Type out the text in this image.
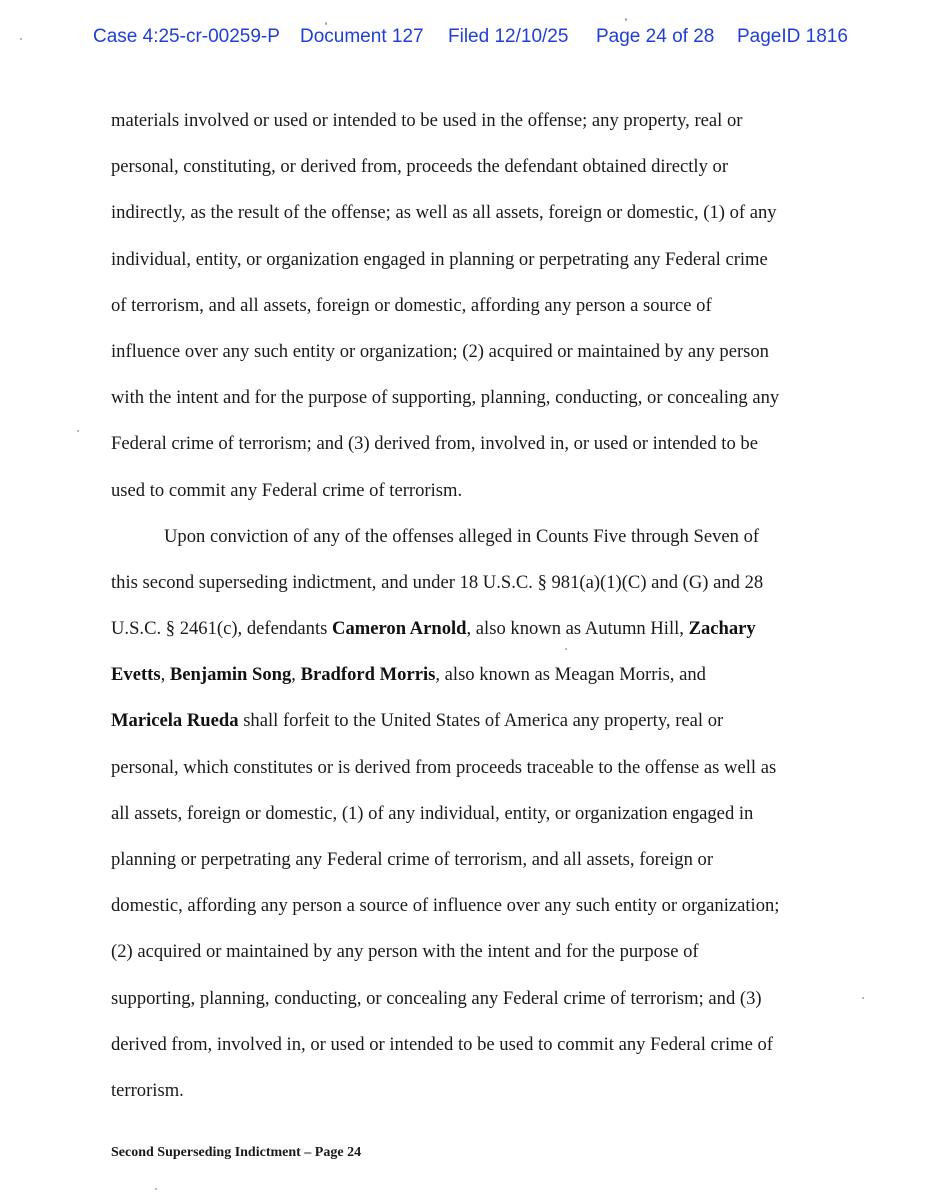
Case 4:25-cr-00259-P Document 127 Filed 12/10/25 Page 24 of 28 PageID 1816
materials involved or used or intended to be used in the offense; any property, real or
personal, constituting, or derived from, proceeds the defendant obtained directly or
indirectly, as the result of the offense; as well as all assets, foreign or domestic, (1) of any
individual, entity, or organization engaged in planning or perpetrating any Federal crime
of terrorism, and all assets, foreign or domestic, affording any person a source of
influence over any such entity or organization; (2) acquired or maintained by any person
with the intent and for the purpose of supporting, planning, conducting, or concealing any
Federal crime of terrorism; and (3) derived from, involved in, or used or intended to be
used to commit any Federal crime of terrorism.
Upon conviction of any of the offenses alleged in Counts Five through Seven of
this second superseding indictment, and under 18 U.S.C. § 981(a)(1)(C) and (G) and 28
U.S.C. § 2461(c), defendants Cameron Arnold, also known as Autumn Hill, Zachary
Evetts, Benjamin Song, Bradford Morris, also known as Meagan Morris, and
Maricela Rueda shall forfeit to the United States of America any property, real or
personal, which constitutes or is derived from proceeds traceable to the offense as well as
all assets, foreign or domestic, (1) of any individual, entity, or organization engaged in
planning or perpetrating any Federal crime of terrorism, and all assets, foreign or
domestic, affording any person a source of influence over any such entity or organization;
(2) acquired or maintained by any person with the intent and for the purpose of
supporting, planning, conducting, or concealing any Federal crime of terrorism; and (3)
derived from, involved in, or used or intended to be used to commit any Federal crime of
terrorism.
Second Superseding Indictment – Page 24
